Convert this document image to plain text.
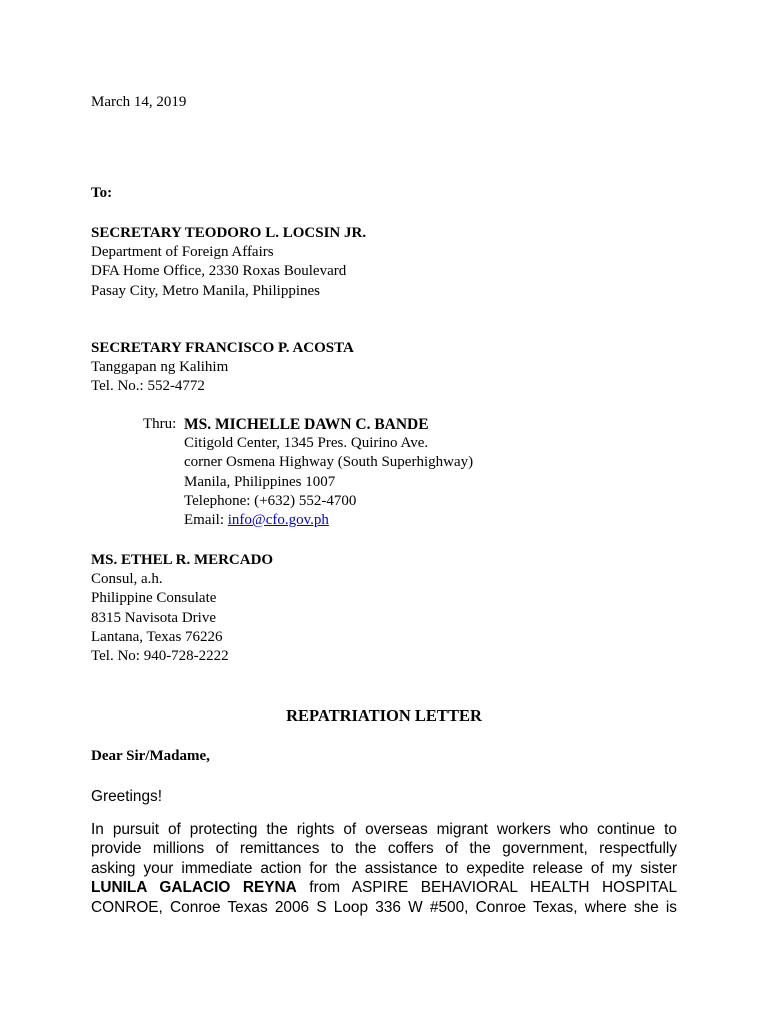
March 14, 2019
To:
SECRETARY TEODORO L. LOCSIN JR.
Department of Foreign Affairs
DFA Home Office, 2330 Roxas Boulevard
Pasay City, Metro Manila, Philippines
SECRETARY FRANCISCO P. ACOSTA
Tanggapan ng Kalihim
Tel. No.: 552-4772
Thru: MS. MICHELLE DAWN C. BANDE
Citigold Center, 1345 Pres. Quirino Ave.
corner Osmena Highway (South Superhighway)
Manila, Philippines 1007
Telephone: (+632) 552-4700
Email: info@cfo.gov.ph
MS. ETHEL R. MERCADO
Consul, a.h.
Philippine Consulate
8315 Navisota Drive
Lantana, Texas 76226
Tel. No: 940-728-2222
REPATRIATION LETTER
Dear Sir/Madame,
Greetings!
In pursuit of protecting the rights of overseas migrant workers who continue to
provide millions of remittances to the coffers of the government, respectfully
asking your immediate action for the assistance to expedite release of my sister
LUNILA GALACIO REYNA from ASPIRE BEHAVIORAL HEALTH HOSPITAL
CONROE, Conroe Texas 2006 S Loop 336 W #500, Conroe Texas, where she is
